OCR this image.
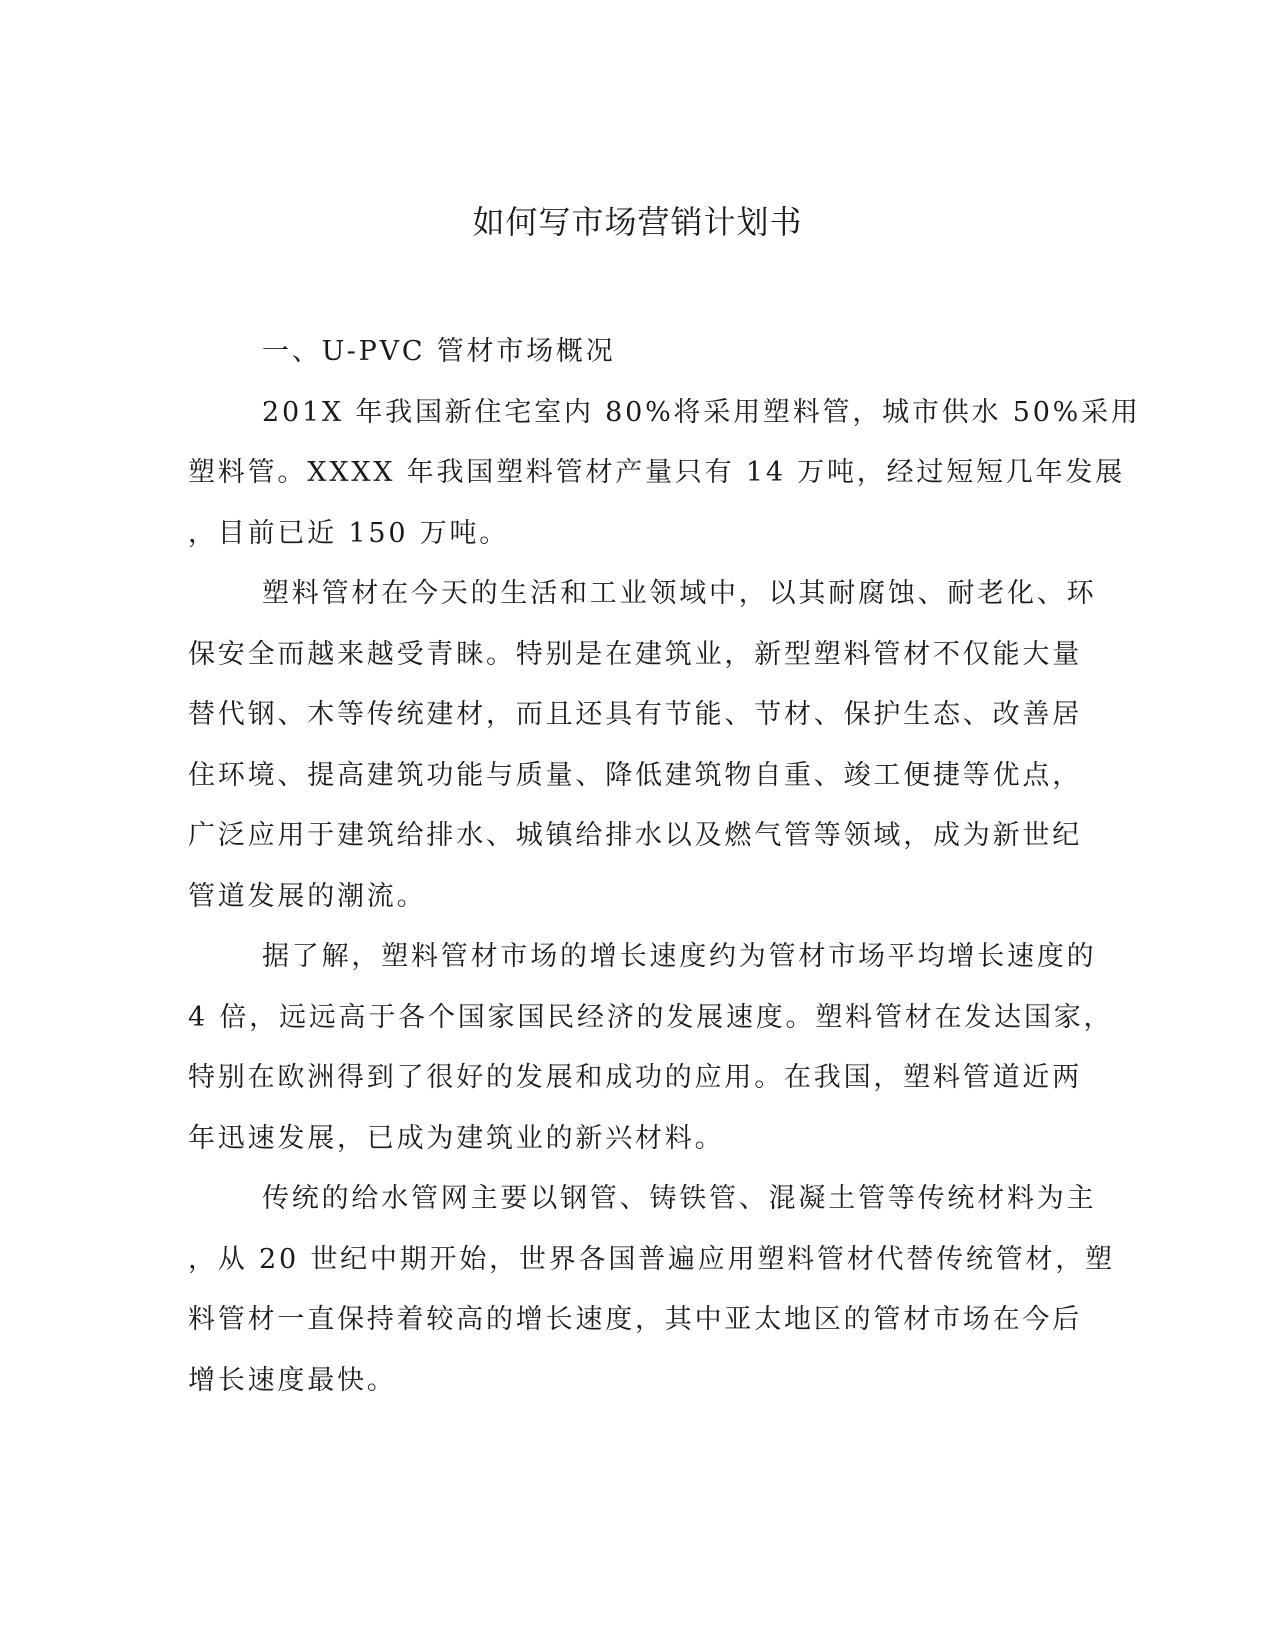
如何写市场营销计划书
一、U-PVC 管材市场概况
201X 年我国新住宅室内 80%将采用塑料管，城市供水 50%采用
塑料管。XXXX 年我国塑料管材产量只有 14 万吨，经过短短几年发展
，目前已近 150 万吨。
塑料管材在今天的生活和工业领域中，以其耐腐蚀、耐老化、环
保安全而越来越受青睐。特别是在建筑业，新型塑料管材不仅能大量
替代钢、木等传统建材，而且还具有节能、节材、保护生态、改善居
住环境、提高建筑功能与质量、降低建筑物自重、竣工便捷等优点，
广泛应用于建筑给排水、城镇给排水以及燃气管等领域，成为新世纪
管道发展的潮流。
据了解，塑料管材市场的增长速度约为管材市场平均增长速度的
4 倍，远远高于各个国家国民经济的发展速度。塑料管材在发达国家，
特别在欧洲得到了很好的发展和成功的应用。在我国，塑料管道近两
年迅速发展，已成为建筑业的新兴材料。
传统的给水管网主要以钢管、铸铁管、混凝土管等传统材料为主
，从 20 世纪中期开始，世界各国普遍应用塑料管材代替传统管材，塑
料管材一直保持着较高的增长速度，其中亚太地区的管材市场在今后
增长速度最快。
